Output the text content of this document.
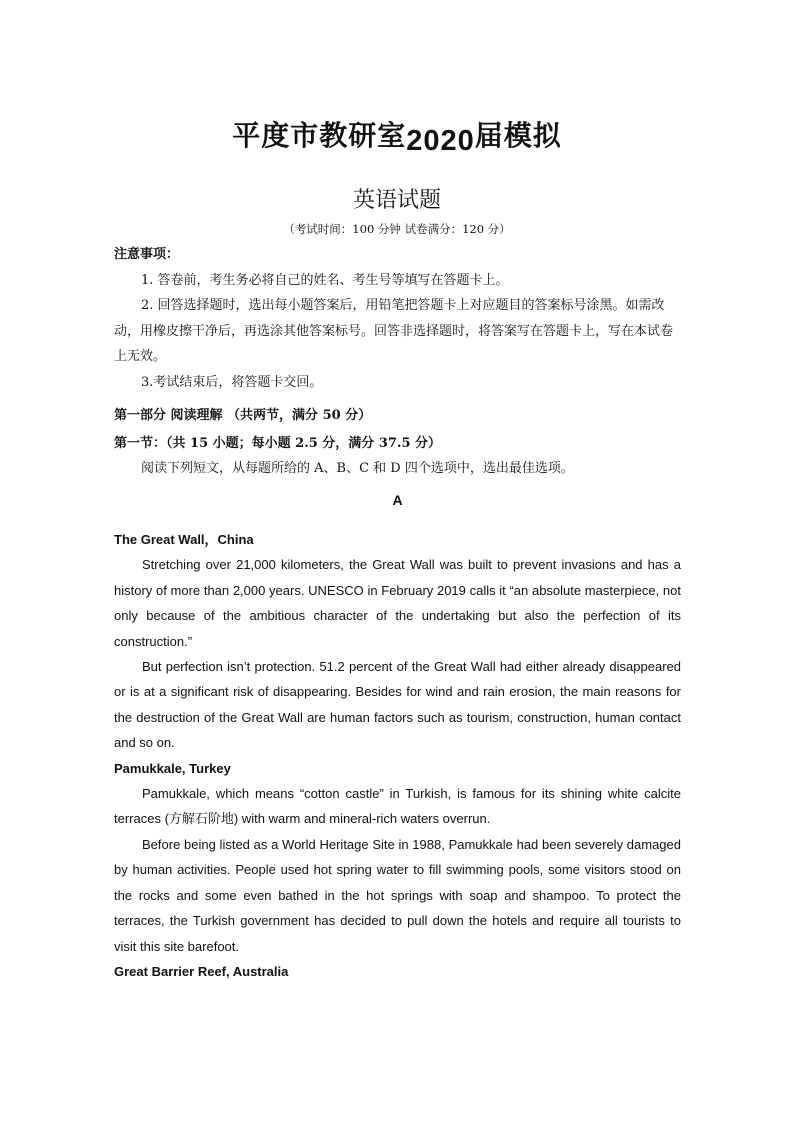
平度市教研室2020届模拟
英语试题
（考试时间：100 分钟 试卷满分：120 分）

注意事项：

1. 答卷前，考生务必将自己的姓名、考生号等填写在答题卡上。

2. 回答选择题时，选出每小题答案后，用铅笔把答题卡上对应题目的答案标号涂黑。如需改动，用橡皮擦干净后，再选涂其他答案标号。回答非选择题时，将答案写在答题卡上，写在本试卷上无效。

3.考试结束后，将答题卡交回。

第一部分 阅读理解 （共两节，满分 50 分）

第一节：（共 15 小题；每小题 2.5 分，满分 37.5 分）

阅读下列短文，从每题所给的 A、B、C 和 D 四个选项中，选出最佳选项。

A

The Great Wall，China

Stretching over 21,000 kilometers, the Great Wall was built to prevent invasions and has a history of more than 2,000 years. UNESCO in February 2019 calls it “an absolute masterpiece, not only because of the ambitious character of the undertaking but also the perfection of its construction.”

But perfection isn’t protection. 51.2 percent of the Great Wall had either already disappeared or is at a significant risk of disappearing. Besides for wind and rain erosion, the main reasons for the destruction of the Great Wall are human factors such as tourism, construction, human contact and so on.

Pamukkale, Turkey

Pamukkale, which means “cotton castle” in Turkish, is famous for its shining white calcite terraces (方解石阶地) with warm and mineral-rich waters overrun.

Before being listed as a World Heritage Site in 1988, Pamukkale had been severely damaged by human activities. People used hot spring water to fill swimming pools, some visitors stood on the rocks and some even bathed in the hot springs with soap and shampoo. To protect the terraces, the Turkish government has decided to pull down the hotels and require all tourists to visit this site barefoot.

Great Barrier Reef, Australia
